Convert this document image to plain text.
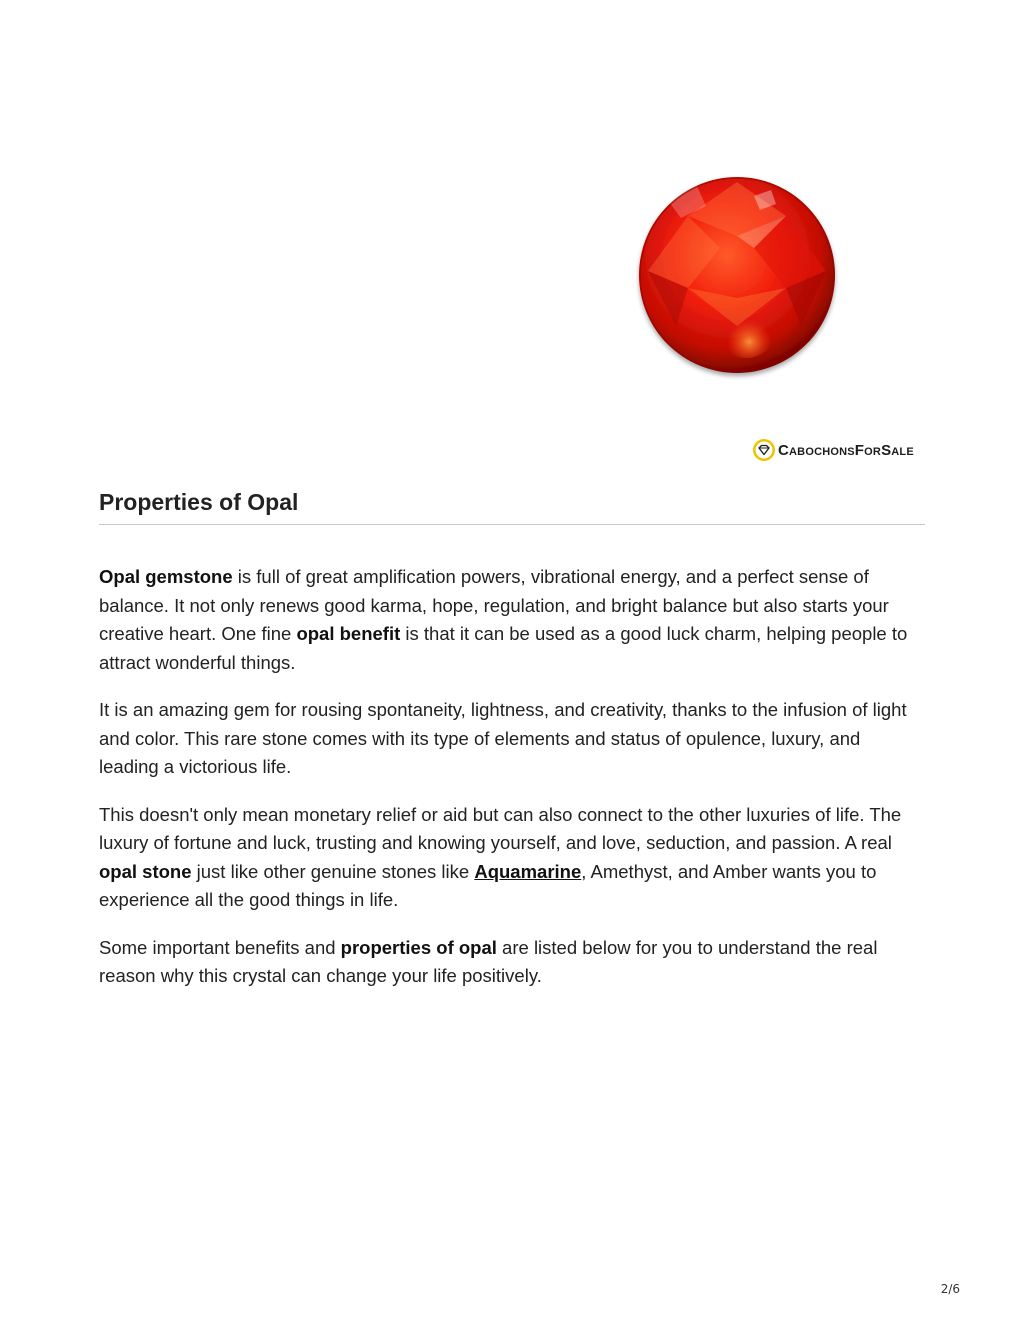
CabochonsForSale
Properties of Opal

Opal gemstone is full of great amplification powers, vibrational energy, and a perfect sense of balance. It not only renews good karma, hope, regulation, and bright balance but also starts your creative heart. One fine opal benefit is that it can be used as a good luck charm, helping people to attract wonderful things.

It is an amazing gem for rousing spontaneity, lightness, and creativity, thanks to the infusion of light and color. This rare stone comes with its type of elements and status of opulence, luxury, and leading a victorious life.

This doesn't only mean monetary relief or aid but can also connect to the other luxuries of life. The luxury of fortune and luck, trusting and knowing yourself, and love, seduction, and passion. A real opal stone just like other genuine stones like Aquamarine, Amethyst, and Amber wants you to experience all the good things in life.

Some important benefits and properties of opal are listed below for you to understand the real reason why this crystal can change your life positively.

2/6
